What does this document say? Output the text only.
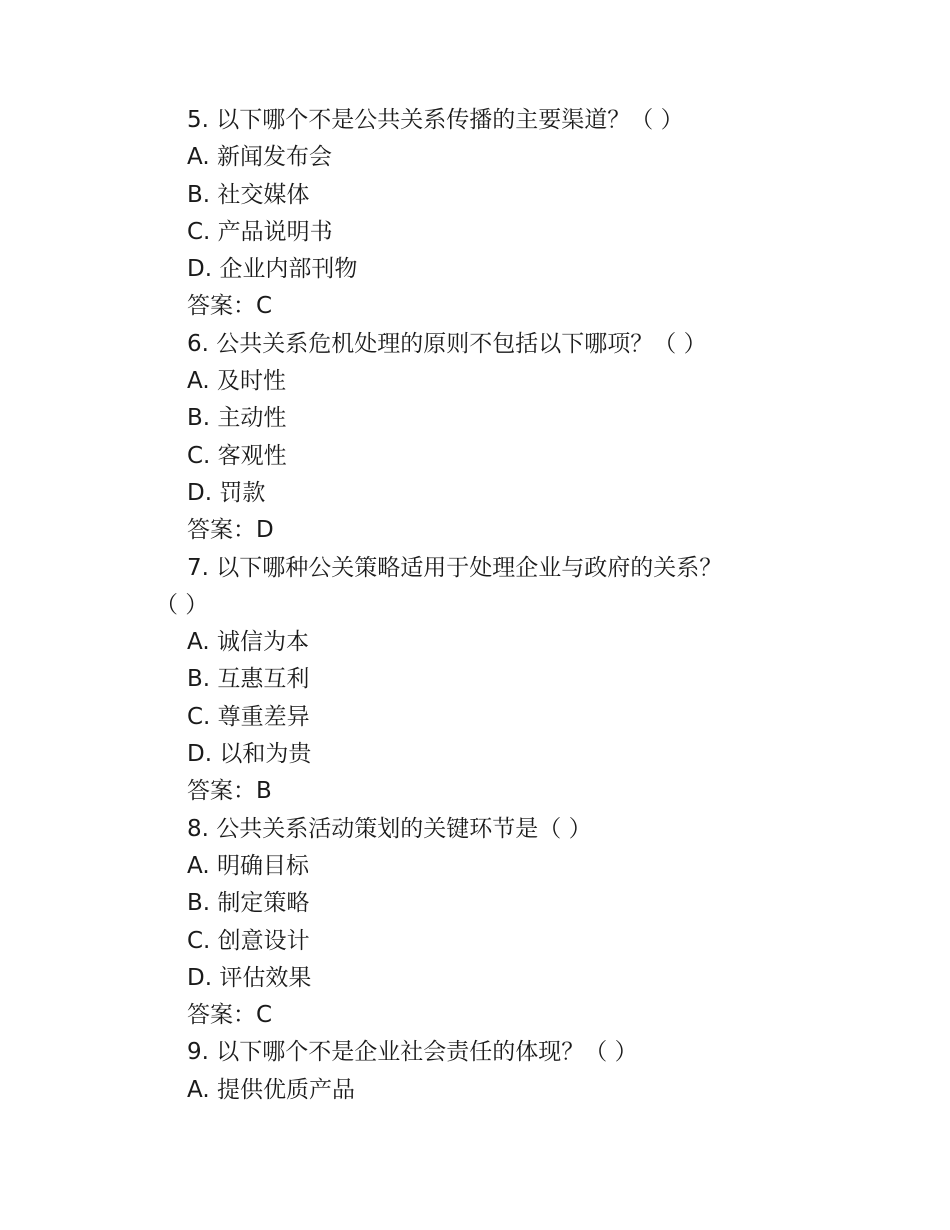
5. 以下哪个不是公共关系传播的主要渠道？（ ）
A. 新闻发布会
B. 社交媒体
C. 产品说明书
D. 企业内部刊物
答案：C
6. 公共关系危机处理的原则不包括以下哪项？（ ）
A. 及时性
B. 主动性
C. 客观性
D. 罚款
答案：D
7. 以下哪种公关策略适用于处理企业与政府的关系？
（ ）
A. 诚信为本
B. 互惠互利
C. 尊重差异
D. 以和为贵
答案：B
8. 公共关系活动策划的关键环节是（ ）
A. 明确目标
B. 制定策略
C. 创意设计
D. 评估效果
答案：C
9. 以下哪个不是企业社会责任的体现？（ ）
A. 提供优质产品
